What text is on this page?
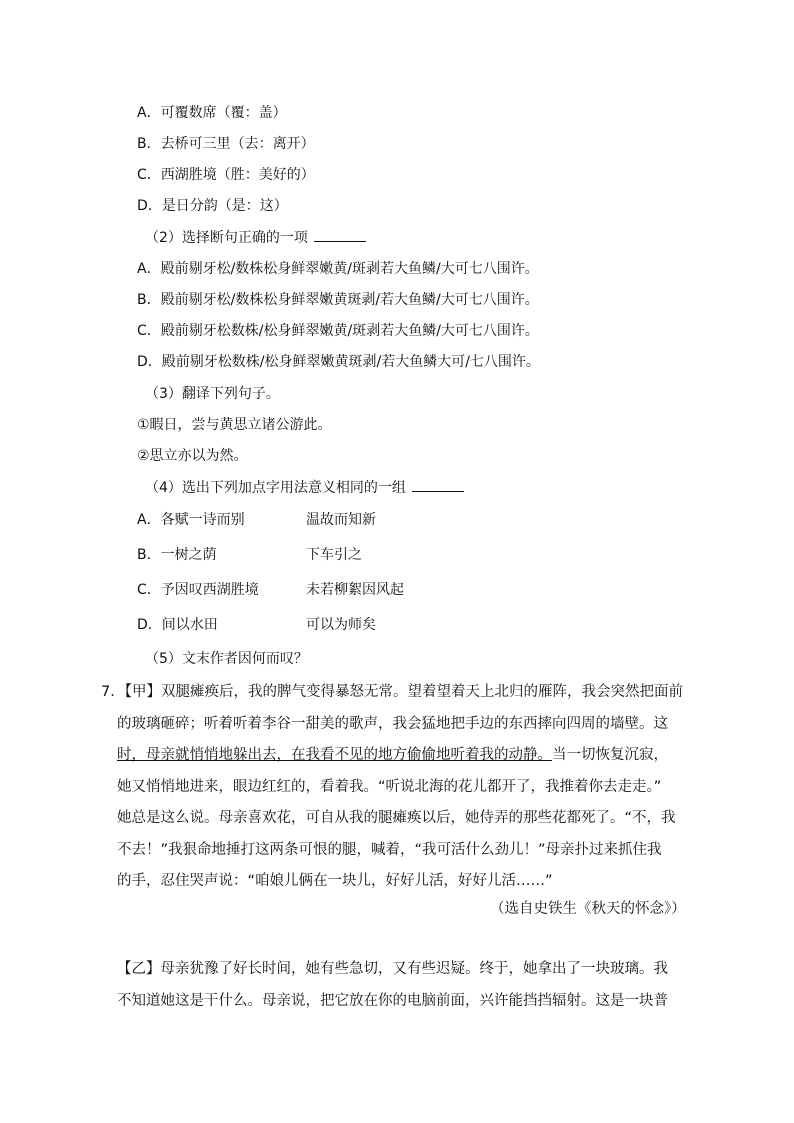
A．可覆数席（覆：盖）
B．去桥可三里（去：离开）
C．西湖胜境（胜：美好的）
D．是日分韵（是：这）
（2）选择断句正确的一项
A．殿前剔牙松/数株松身鲜翠嫩黄/斑剥若大鱼鳞/大可七八围许。
B．殿前剔牙松/数株松身鲜翠嫩黄斑剥/若大鱼鳞/大可七八围许。
C．殿前剔牙松数株/松身鲜翠嫩黄/斑剥若大鱼鳞/大可七八围许。
D．殿前剔牙松数株/松身鲜翠嫩黄斑剥/若大鱼鳞大可/七八围许。
（3）翻译下列句子。
①暇日，尝与黄思立诸公游此。
②思立亦以为然。
（4）选出下列加点字用法意义相同的一组
A．各赋一诗而别	温故而知新
B．一树之荫	下车引之
C．予因叹西湖胜境	未若柳絮因风起
D．间以水田	可以为师矣
（5）文末作者因何而叹？
7．【甲】双腿瘫痪后，我的脾气变得暴怒无常。望着望着天上北归的雁阵，我会突然把面前
的玻璃砸碎；听着听着李谷一甜美的歌声，我会猛地把手边的东西摔向四周的墙壁。这
时，母亲就悄悄地躲出去，在我看不见的地方偷偷地听着我的动静。当一切恢复沉寂，
她又悄悄地进来，眼边红红的，看着我。“听说北海的花儿都开了，我推着你去走走。”
她总是这么说。母亲喜欢花，可自从我的腿瘫痪以后，她侍弄的那些花都死了。“不，我
不去！”我狠命地捶打这两条可恨的腿，喊着，“我可活什么劲儿！”母亲扑过来抓住我
的手，忍住哭声说：“咱娘儿俩在一块儿，好好儿活，好好儿活……”
（选自史铁生《秋天的怀念》）
【乙】母亲犹豫了好长时间，她有些急切，又有些迟疑。终于，她拿出了一块玻璃。我
不知道她这是干什么。母亲说，把它放在你的电脑前面，兴许能挡挡辐射。这是一块普
